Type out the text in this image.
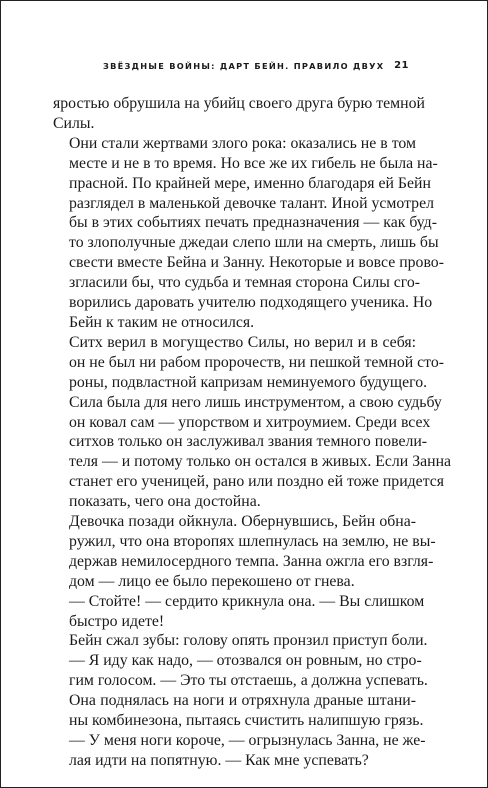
ЗВЁЗДНЫЕ ВОЙНЫ: ДАРТ БЕЙН. ПРАВИЛО ДВУХ 21

яростью обрушила на убийц своего друга бурю темной
Силы.

Они стали жертвами злого рока: оказались не в том
месте и не в то время. Но все же их гибель не была на-
прасной. По крайней мере, именно благодаря ей Бейн
разглядел в маленькой девочке талант. Иной усмотрел
бы в этих событиях печать предназначения — как буд-
то злополучные джедаи слепо шли на смерть, лишь бы
свести вместе Бейна и Занну. Некоторые и вовсе прово-
згласили бы, что судьба и темная сторона Силы сго-
ворились даровать учителю подходящего ученика. Но
Бейн к таким не относился.

Ситх верил в могущество Силы, но верил и в себя:
он не был ни рабом пророчеств, ни пешкой темной сто-
роны, подвластной капризам неминуемого будущего.
Сила была для него лишь инструментом, а свою судьбу
он ковал сам — упорством и хитроумием. Среди всех
ситхов только он заслуживал звания темного повели-
теля — и потому только он остался в живых. Если Занна
станет его ученицей, рано или поздно ей тоже придется
показать, чего она достойна.

Девочка позади ойкнула. Обернувшись, Бейн обна-
ружил, что она второпях шлепнулась на землю, не вы-
держав немилосердного темпа. Занна ожгла его взгля-
дом — лицо ее было перекошено от гнева.

— Стойте! — сердито крикнула она. — Вы слишком
быстро идете!

Бейн сжал зубы: голову опять пронзил приступ боли.

— Я иду как надо, — отозвался он ровным, но стро-
гим голосом. — Это ты отстаешь, а должна успевать.

Она поднялась на ноги и отряхнула драные штани-
ны комбинезона, пытаясь счистить налипшую грязь.

— У меня ноги короче, — огрызнулась Занна, не же-
лая идти на попятную. — Как мне успевать?
